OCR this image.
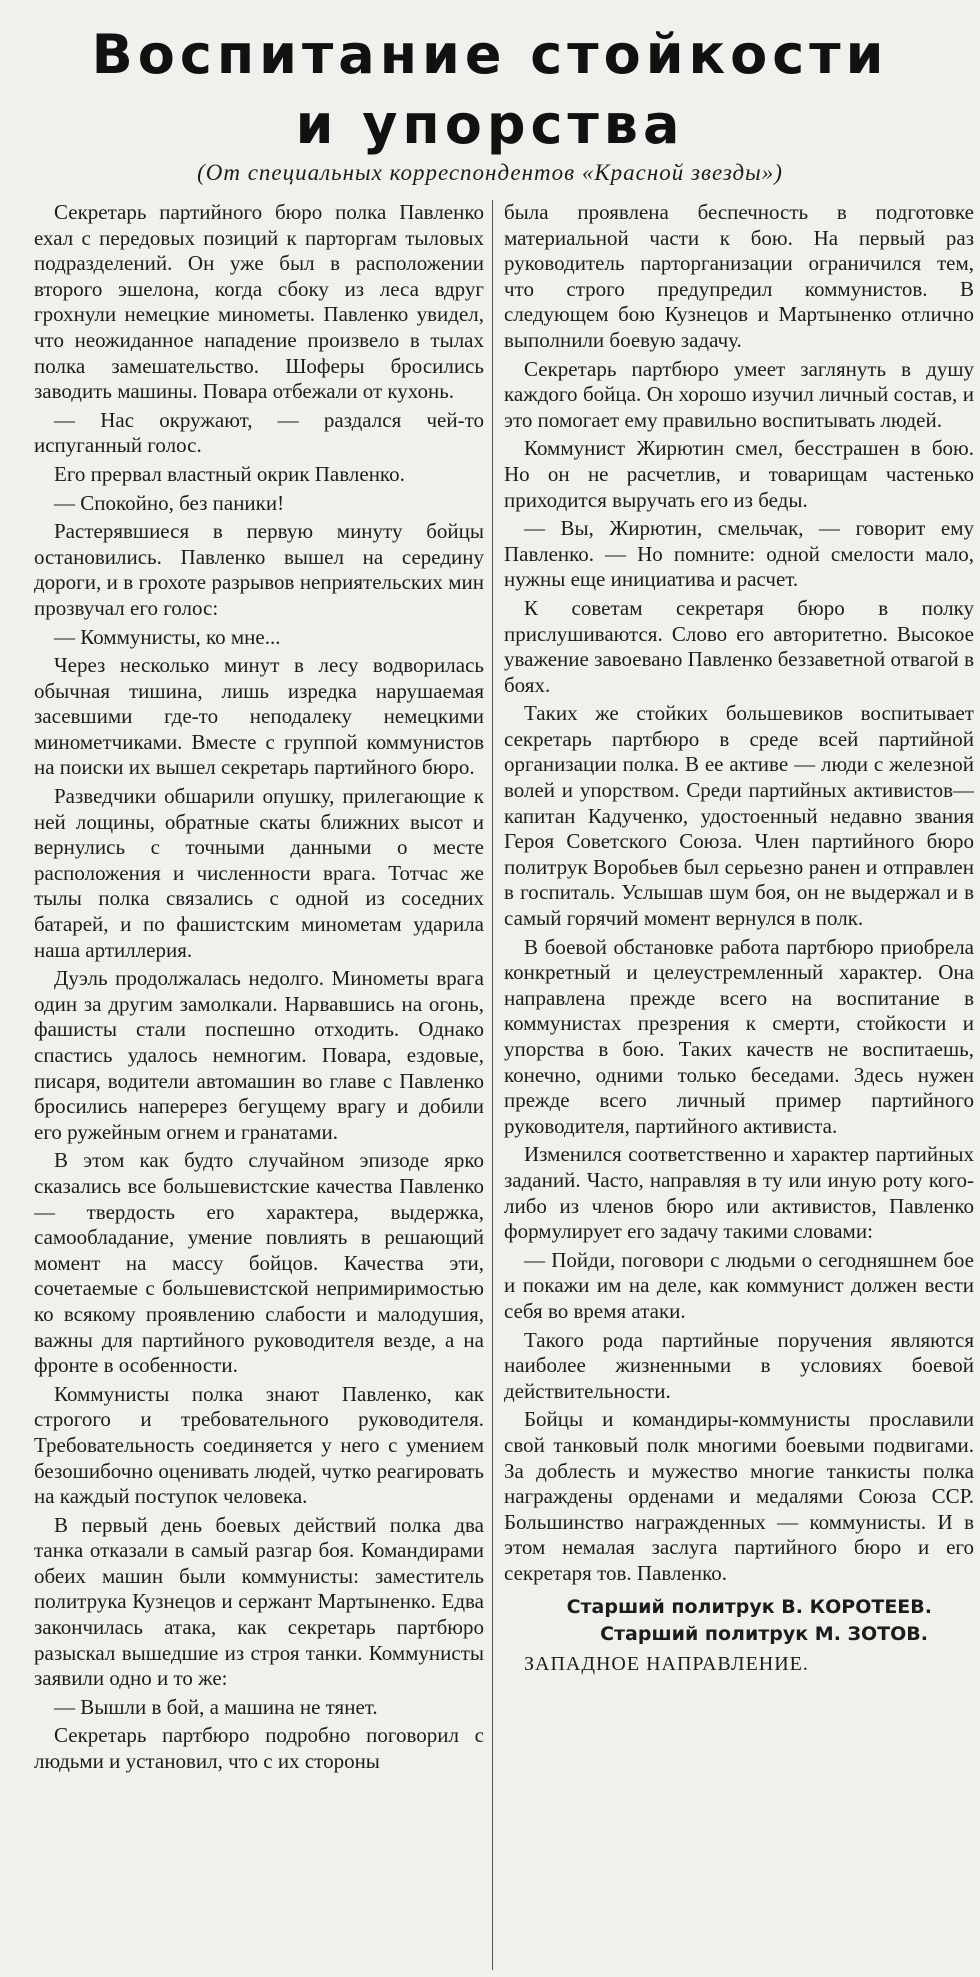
Воспитание стойкости
и упорства
(От специальных корреспондентов «Красной звезды»)

Секретарь партийного бюро полка Павленко ехал с передовых позиций к парторгам тыловых подразделений. Он уже был в расположении второго эшелона, когда сбоку из леса вдруг грохнули немецкие минометы. Павленко увидел, что неожиданное нападение произвело в тылах полка замешательство. Шоферы бросились заводить машины. Повара отбежали от кухонь.

— Нас окружают, — раздался чей-то испуганный голос.

Его прервал властный окрик Павленко.

— Спокойно, без паники!

Растерявшиеся в первую минуту бойцы остановились. Павленко вышел на середину дороги, и в грохоте разрывов неприятельских мин прозвучал его голос:

— Коммунисты, ко мне...

Через несколько минут в лесу водворилась обычная тишина, лишь изредка нарушаемая засевшими где-то неподалеку немецкими минометчиками. Вместе с группой коммунистов на поиски их вышел секретарь партийного бюро.

Разведчики обшарили опушку, прилегающие к ней лощины, обратные скаты ближних высот и вернулись с точными данными о месте расположения и численности врага. Тотчас же тылы полка связались с одной из соседних батарей, и по фашистским минометам ударила наша артиллерия.

Дуэль продолжалась недолго. Минометы врага один за другим замолкали. Нарвавшись на огонь, фашисты стали поспешно отходить. Однако спастись удалось немногим. Повара, ездовые, писаря, водители автомашин во главе с Павленко бросились наперерез бегущему врагу и добили его ружейным огнем и гранатами.

В этом как будто случайном эпизоде ярко сказались все большевистские качества Павленко — твердость его характера, выдержка, самообладание, умение повлиять в решающий момент на массу бойцов. Качества эти, сочетаемые с большевистской непримиримостью ко всякому проявлению слабости и малодушия, важны для партийного руководителя везде, а на фронте в особенности.

Коммунисты полка знают Павленко, как строгого и требовательного руководителя. Требовательность соединяется у него с умением безошибочно оценивать людей, чутко реагировать на каждый поступок человека.

В первый день боевых действий полка два танка отказали в самый разгар боя. Командирами обеих машин были коммунисты: заместитель политрука Кузнецов и сержант Мартыненко. Едва закончилась атака, как секретарь партбюро разыскал вышедшие из строя танки. Коммунисты заявили одно и то же:

— Вышли в бой, а машина не тянет.

Секретарь партбюро подробно поговорил с людьми и установил, что с их стороны

была проявлена беспечность в подготовке материальной части к бою. На первый раз руководитель парторганизации ограничился тем, что строго предупредил коммунистов. В следующем бою Кузнецов и Мартыненко отлично выполнили боевую задачу.

Секретарь партбюро умеет заглянуть в душу каждого бойца. Он хорошо изучил личный состав, и это помогает ему правильно воспитывать людей.

Коммунист Жирютин смел, бесстрашен в бою. Но он не расчетлив, и товарищам частенько приходится выручать его из беды.

— Вы, Жирютин, смельчак, — говорит ему Павленко. — Но помните: одной смелости мало, нужны еще инициатива и расчет.

К советам секретаря бюро в полку прислушиваются. Слово его авторитетно. Высокое уважение завоевано Павленко беззаветной отвагой в боях.

Таких же стойких большевиков воспитывает секретарь партбюро в среде всей партийной организации полка. В ее активе — люди с железной волей и упорством. Среди партийных активистов—капитан Кадученко, удостоенный недавно звания Героя Советского Союза. Член партийного бюро политрук Воробьев был серьезно ранен и отправлен в госпиталь. Услышав шум боя, он не выдержал и в самый горячий момент вернулся в полк.

В боевой обстановке работа партбюро приобрела конкретный и целеустремленный характер. Она направлена прежде всего на воспитание в коммунистах презрения к смерти, стойкости и упорства в бою. Таких качеств не воспитаешь, конечно, одними только беседами. Здесь нужен прежде всего личный пример партийного руководителя, партийного активиста.

Изменился соответственно и характер партийных заданий. Часто, направляя в ту или иную роту кого-либо из членов бюро или активистов, Павленко формулирует его задачу такими словами:

— Пойди, поговори с людьми о сегодняшнем бое и покажи им на деле, как коммунист должен вести себя во время атаки.

Такого рода партийные поручения являются наиболее жизненными в условиях боевой действительности.

Бойцы и командиры-коммунисты прославили свой танковый полк многими боевыми подвигами. За доблесть и мужество многие танкисты полка награждены орденами и медалями Союза ССР. Большинство награжденных — коммунисты. И в этом немалая заслуга партийного бюро и его секретаря тов. Павленко.

Старший политрук В. КОРОТЕЕВ.
Старший политрук М. ЗОТОВ.
ЗАПАДНОЕ НАПРАВЛЕНИЕ.
